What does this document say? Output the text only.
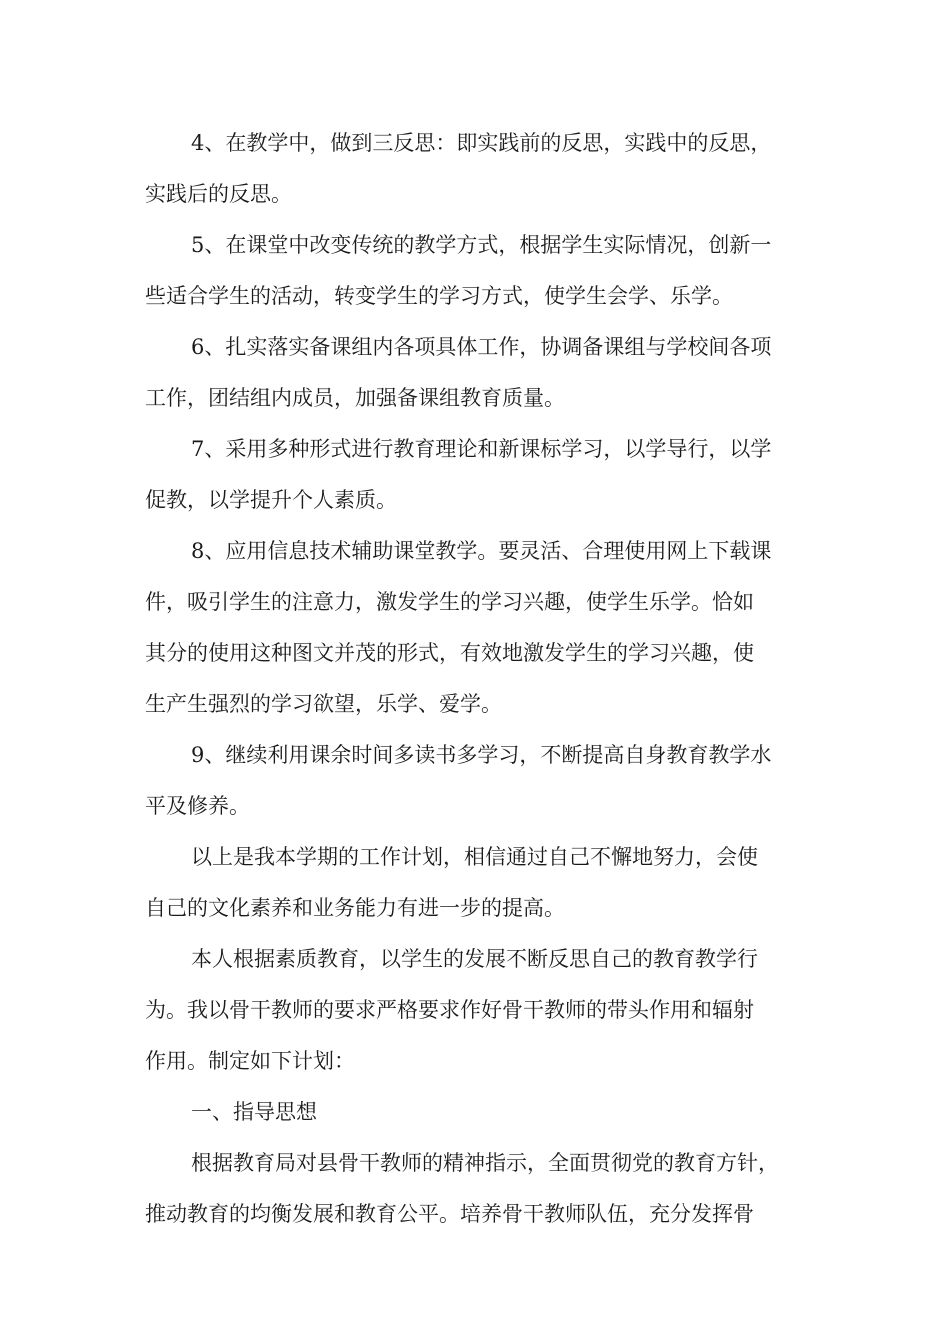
4、在教学中，做到三反思：即实践前的反思，实践中的反思，
实践后的反思。

5、在课堂中改变传统的教学方式，根据学生实际情况，创新一
些适合学生的活动，转变学生的学习方式，使学生会学、乐学。

6、扎实落实备课组内各项具体工作，协调备课组与学校间各项
工作，团结组内成员，加强备课组教育质量。

7、采用多种形式进行教育理论和新课标学习，以学导行，以学
促教，以学提升个人素质。

8、应用信息技术辅助课堂教学。要灵活、合理使用网上下载课
件，吸引学生的注意力，激发学生的学习兴趣，使学生乐学。恰如
其分的使用这种图文并茂的形式，有效地激发学生的学习兴趣，使
生产生强烈的学习欲望，乐学、爱学。

9、继续利用课余时间多读书多学习，不断提高自身教育教学水
平及修养。

以上是我本学期的工作计划，相信通过自己不懈地努力，会使
自己的文化素养和业务能力有进一步的提高。

本人根据素质教育，以学生的发展不断反思自己的教育教学行
为。我以骨干教师的要求严格要求作好骨干教师的带头作用和辐射
作用。制定如下计划：

一、指导思想

根据教育局对县骨干教师的精神指示，全面贯彻党的教育方针，
推动教育的均衡发展和教育公平。培养骨干教师队伍，充分发挥骨
